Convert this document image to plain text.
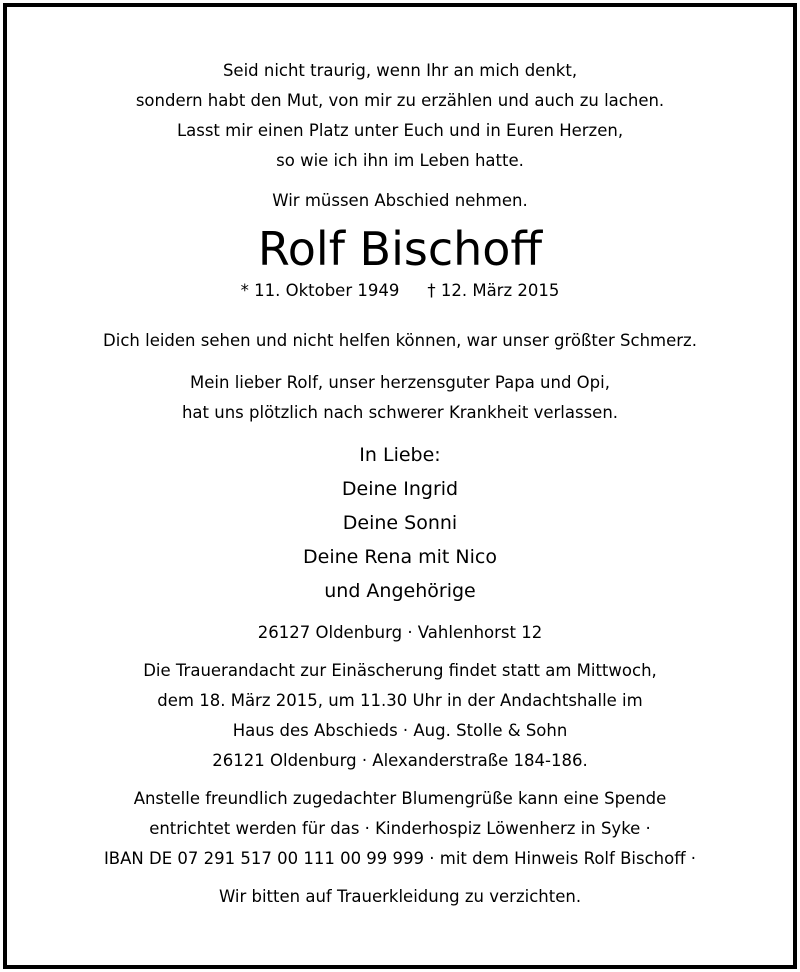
Seid nicht traurig, wenn Ihr an mich denkt,
sondern habt den Mut, von mir zu erzählen und auch zu lachen.
Lasst mir einen Platz unter Euch und in Euren Herzen,
so wie ich ihn im Leben hatte.
Wir müssen Abschied nehmen.
Rolf Bischoff
* 11. Oktober 1949 † 12. März 2015
Dich leiden sehen und nicht helfen können, war unser größter Schmerz.
Mein lieber Rolf, unser herzensguter Papa und Opi,
hat uns plötzlich nach schwerer Krankheit verlassen.
In Liebe:
Deine Ingrid
Deine Sonni
Deine Rena mit Nico
und Angehörige
26127 Oldenburg · Vahlenhorst 12
Die Trauerandacht zur Einäscherung findet statt am Mittwoch,
dem 18. März 2015, um 11.30 Uhr in der Andachtshalle im
Haus des Abschieds · Aug. Stolle & Sohn
26121 Oldenburg · Alexanderstraße 184-186.
Anstelle freundlich zugedachter Blumengrüße kann eine Spende
entrichtet werden für das · Kinderhospiz Löwenherz in Syke ·
IBAN DE 07 291 517 00 111 00 99 999 · mit dem Hinweis Rolf Bischoff ·
Wir bitten auf Trauerkleidung zu verzichten.
